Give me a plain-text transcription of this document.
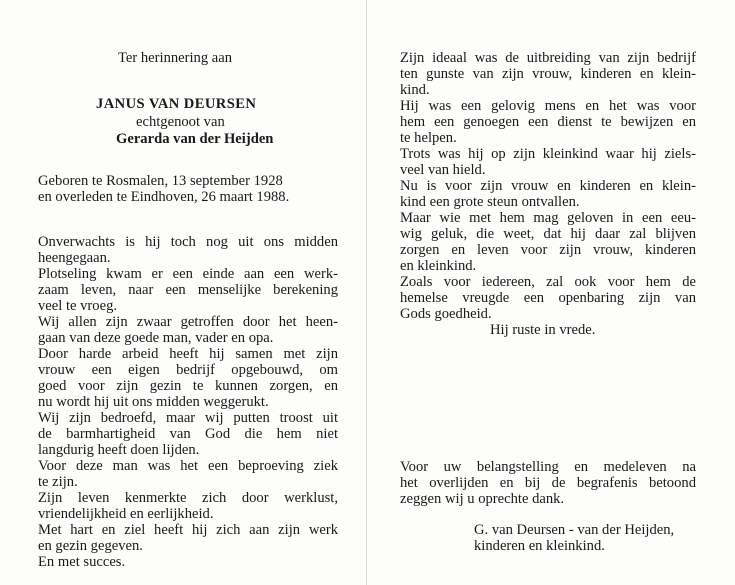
Ter herinnering aan
JANUS VAN DEURSEN
echtgenoot van
Gerarda van der Heijden
Geboren te Rosmalen, 13 september 1928
en overleden te Eindhoven, 26 maart 1988.
Onverwachts is hij toch nog uit ons midden
heengegaan.
Plotseling kwam er een einde aan een werk-
zaam leven, naar een menselijke berekening
veel te vroeg.
Wij allen zijn zwaar getroffen door het heen-
gaan van deze goede man, vader en opa.
Door harde arbeid heeft hij samen met zijn
vrouw een eigen bedrijf opgebouwd, om
goed voor zijn gezin te kunnen zorgen, en
nu wordt hij uit ons midden weggerukt.
Wij zijn bedroefd, maar wij putten troost uit
de barmhartigheid van God die hem niet
langdurig heeft doen lijden.
Voor deze man was het een beproeving ziek
te zijn.
Zijn leven kenmerkte zich door werklust,
vriendelijkheid en eerlijkheid.
Met hart en ziel heeft hij zich aan zijn werk
en gezin gegeven.
En met succes.
Zijn ideaal was de uitbreiding van zijn bedrijf
ten gunste van zijn vrouw, kinderen en klein-
kind.
Hij was een gelovig mens en het was voor
hem een genoegen een dienst te bewijzen en
te helpen.
Trots was hij op zijn kleinkind waar hij ziels-
veel van hield.
Nu is voor zijn vrouw en kinderen en klein-
kind een grote steun ontvallen.
Maar wie met hem mag geloven in een eeu-
wig geluk, die weet, dat hij daar zal blijven
zorgen en leven voor zijn vrouw, kinderen
en kleinkind.
Zoals voor iedereen, zal ook voor hem de
hemelse vreugde een openbaring zijn van
Gods goedheid.
Hij ruste in vrede.
Voor uw belangstelling en medeleven na
het overlijden en bij de begrafenis betoond
zeggen wij u oprechte dank.
G. van Deursen - van der Heijden,
kinderen en kleinkind.
